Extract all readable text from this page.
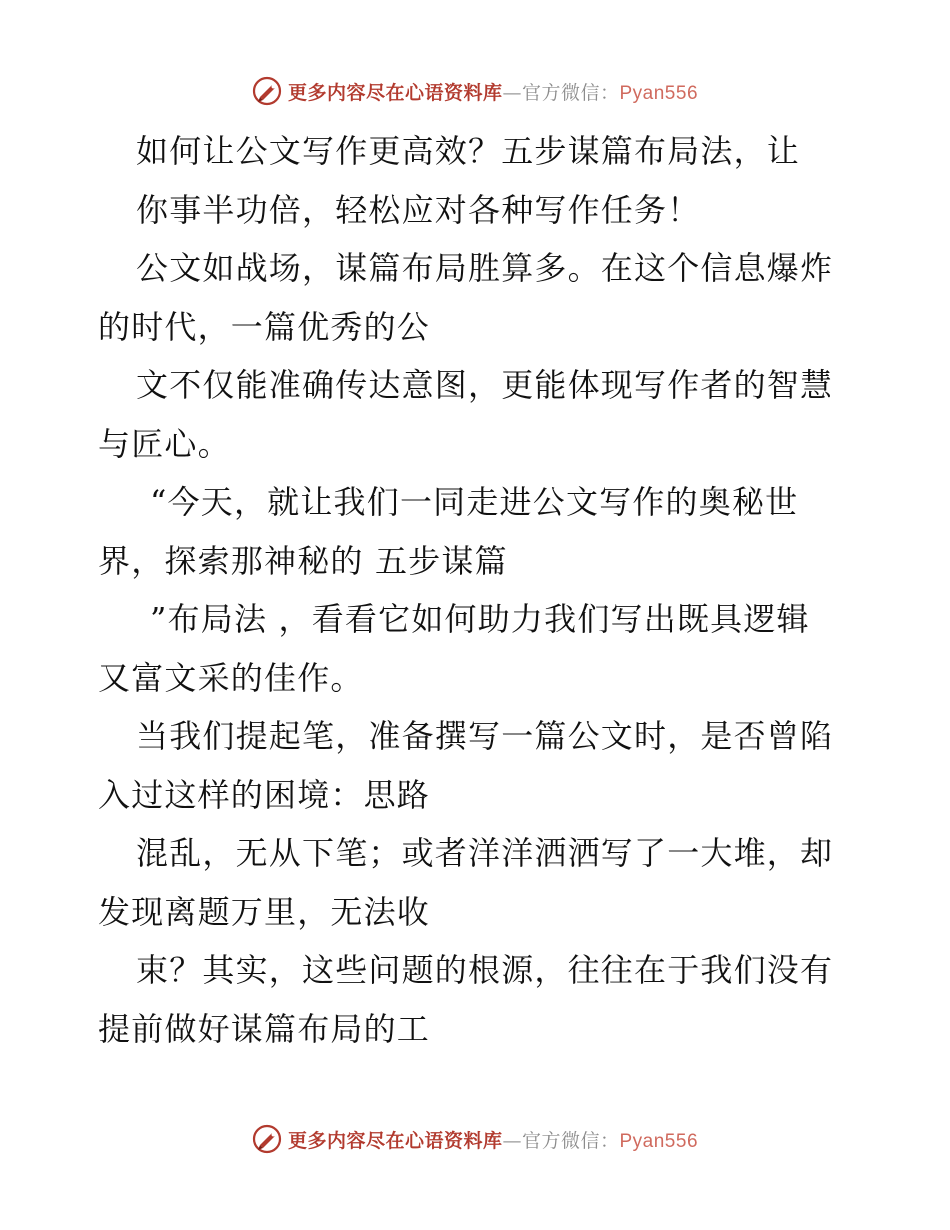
更多内容尽在心语资料库—官方微信：Pyan556
如何让公文写作更高效？五步谋篇布局法，让
你事半功倍，轻松应对各种写作任务！
公文如战场，谋篇布局胜算多。在这个信息爆炸
的时代，一篇优秀的公
文不仅能准确传达意图，更能体现写作者的智慧
与匠心。
“今天，就让我们一同走进公文写作的奥秘世
界，探索那神秘的 五步谋篇
”布局法 ，看看它如何助力我们写出既具逻辑
又富文采的佳作。
当我们提起笔，准备撰写一篇公文时，是否曾陷
入过这样的困境：思路
混乱，无从下笔；或者洋洋洒洒写了一大堆，却
发现离题万里，无法收
束？其实，这些问题的根源，往往在于我们没有
提前做好谋篇布局的工
更多内容尽在心语资料库—官方微信：Pyan556
